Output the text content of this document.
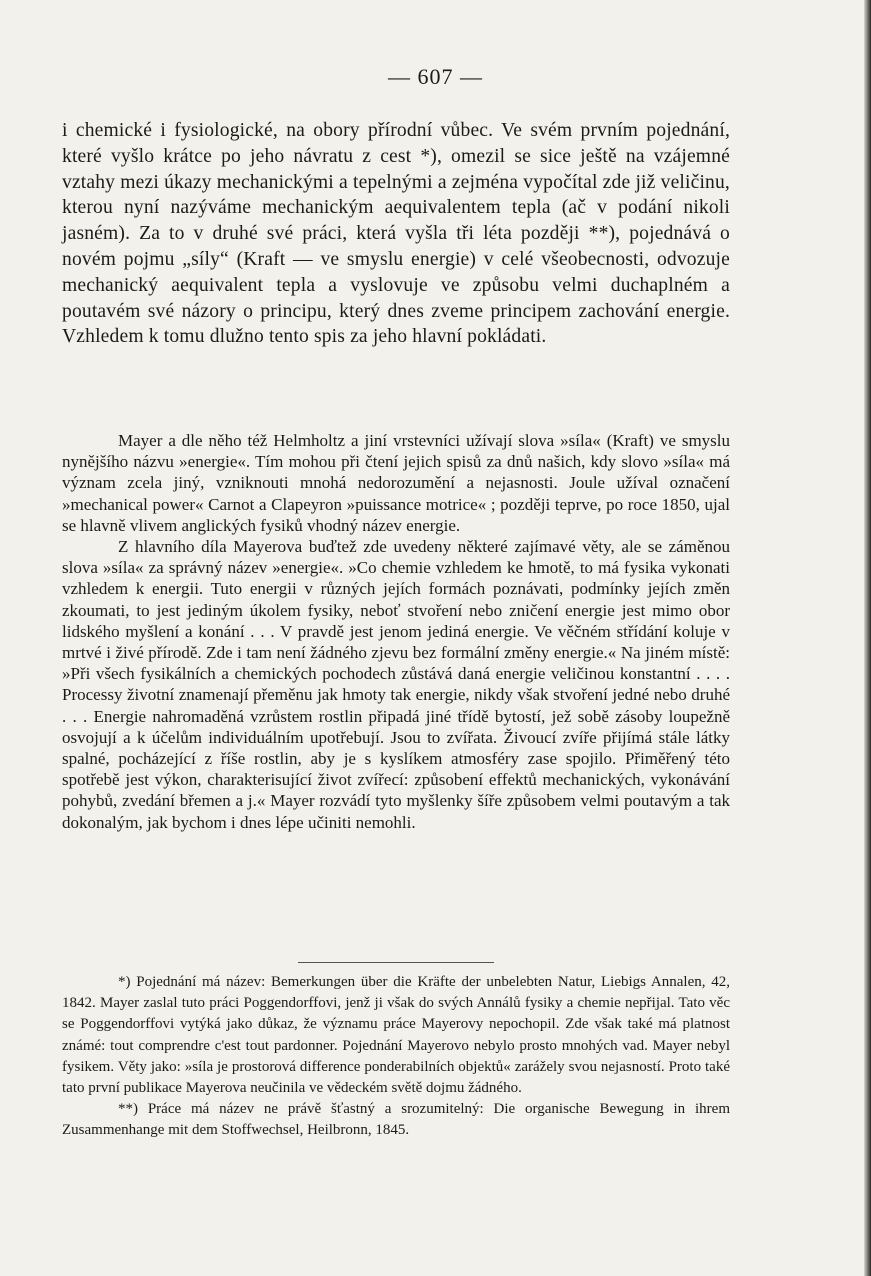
— 607 —

i chemické i fysiologické, na obory přírodní vůbec. Ve svém prvním pojednání, které vyšlo krátce po jeho návratu z cest *), omezil se sice ještě na vzájemné vztahy mezi úkazy mechanickými a tepelnými a zejména vypočítal zde již veličinu, kterou nyní nazýváme mechanickým aequivalentem tepla (ač v podání nikoli jasném). Za to v druhé své práci, která vyšla tři léta později **), pojednává o novém pojmu „síly“ (Kraft — ve smyslu energie) v celé všeobecnosti, odvozuje mechanický aequivalent tepla a vyslovuje ve způsobu velmi duchaplném a poutavém své názory o principu, který dnes zveme principem zachování energie. Vzhledem k tomu dlužno tento spis za jeho hlavní pokládati.

Mayer a dle něho též Helmholtz a jiní vrstevníci užívají slova »síla« (Kraft) ve smyslu nynějšího názvu »energie«. Tím mohou při čtení jejich spisů za dnů našich, kdy slovo »síla« má význam zcela jiný, vzniknouti mnohá nedorozumění a nejasnosti. Joule užíval označení »mechanical power« Carnot a Clapeyron »puissance motrice« ; později teprve, po roce 1850, ujal se hlavně vlivem anglických fysiků vhodný název energie.

Z hlavního díla Mayerova buďtež zde uvedeny některé zajímavé věty, ale se záměnou slova »síla« za správný název »energie«. »Co chemie vzhledem ke hmotě, to má fysika vykonati vzhledem k energii. Tuto energii v různých jejích formách poznávati, podmínky jejích změn zkoumati, to jest jediným úkolem fysiky, neboť stvoření nebo zničení energie jest mimo obor lidského myšlení a konání . . . V pravdě jest jenom jediná energie. Ve věčném střídání koluje v mrtvé i živé přírodě. Zde i tam není žádného zjevu bez formální změny energie.« Na jiném místě: »Při všech fysikálních a chemických pochodech zůstává daná energie veličinou konstantní . . . . Processy životní znamenají přeměnu jak hmoty tak energie, nikdy však stvoření jedné nebo druhé . . . Energie nahromaděná vzrůstem rostlin připadá jiné třídě bytostí, jež sobě zásoby loupežně osvojují a k účelům individuálním upotřebují. Jsou to zvířata. Živoucí zvíře přijímá stále látky spalné, pocházející z říše rostlin, aby je s kyslíkem atmosféry zase spojilo. Přiměřený této spotřebě jest výkon, charakterisující život zvířecí: způsobení effektů mechanických, vykonávání pohybů, zvedání břemen a j.« Mayer rozvádí tyto myšlenky šíře způsobem velmi poutavým a tak dokonalým, jak bychom i dnes lépe učiniti nemohli.

*) Pojednání má název: Bemerkungen über die Kräfte der unbelebten Natur, Liebigs Annalen, 42, 1842. Mayer zaslal tuto práci Poggendorffovi, jenž ji však do svých Annálů fysiky a chemie nepřijal. Tato věc se Poggendorffovi vytýká jako důkaz, že významu práce Mayerovy nepochopil. Zde však také má platnost známé: tout comprendre c'est tout pardonner. Pojednání Mayerovo nebylo prosto mnohých vad. Mayer nebyl fysikem. Věty jako: »síla je prostorová difference ponderabilních objektů« zarážely svou nejasností. Proto také tato první publikace Mayerova neučinila ve vědeckém světě dojmu žádného.

**) Práce má název ne právě šťastný a srozumitelný: Die organische Bewegung in ihrem Zusammenhange mit dem Stoffwechsel, Heilbronn, 1845.
